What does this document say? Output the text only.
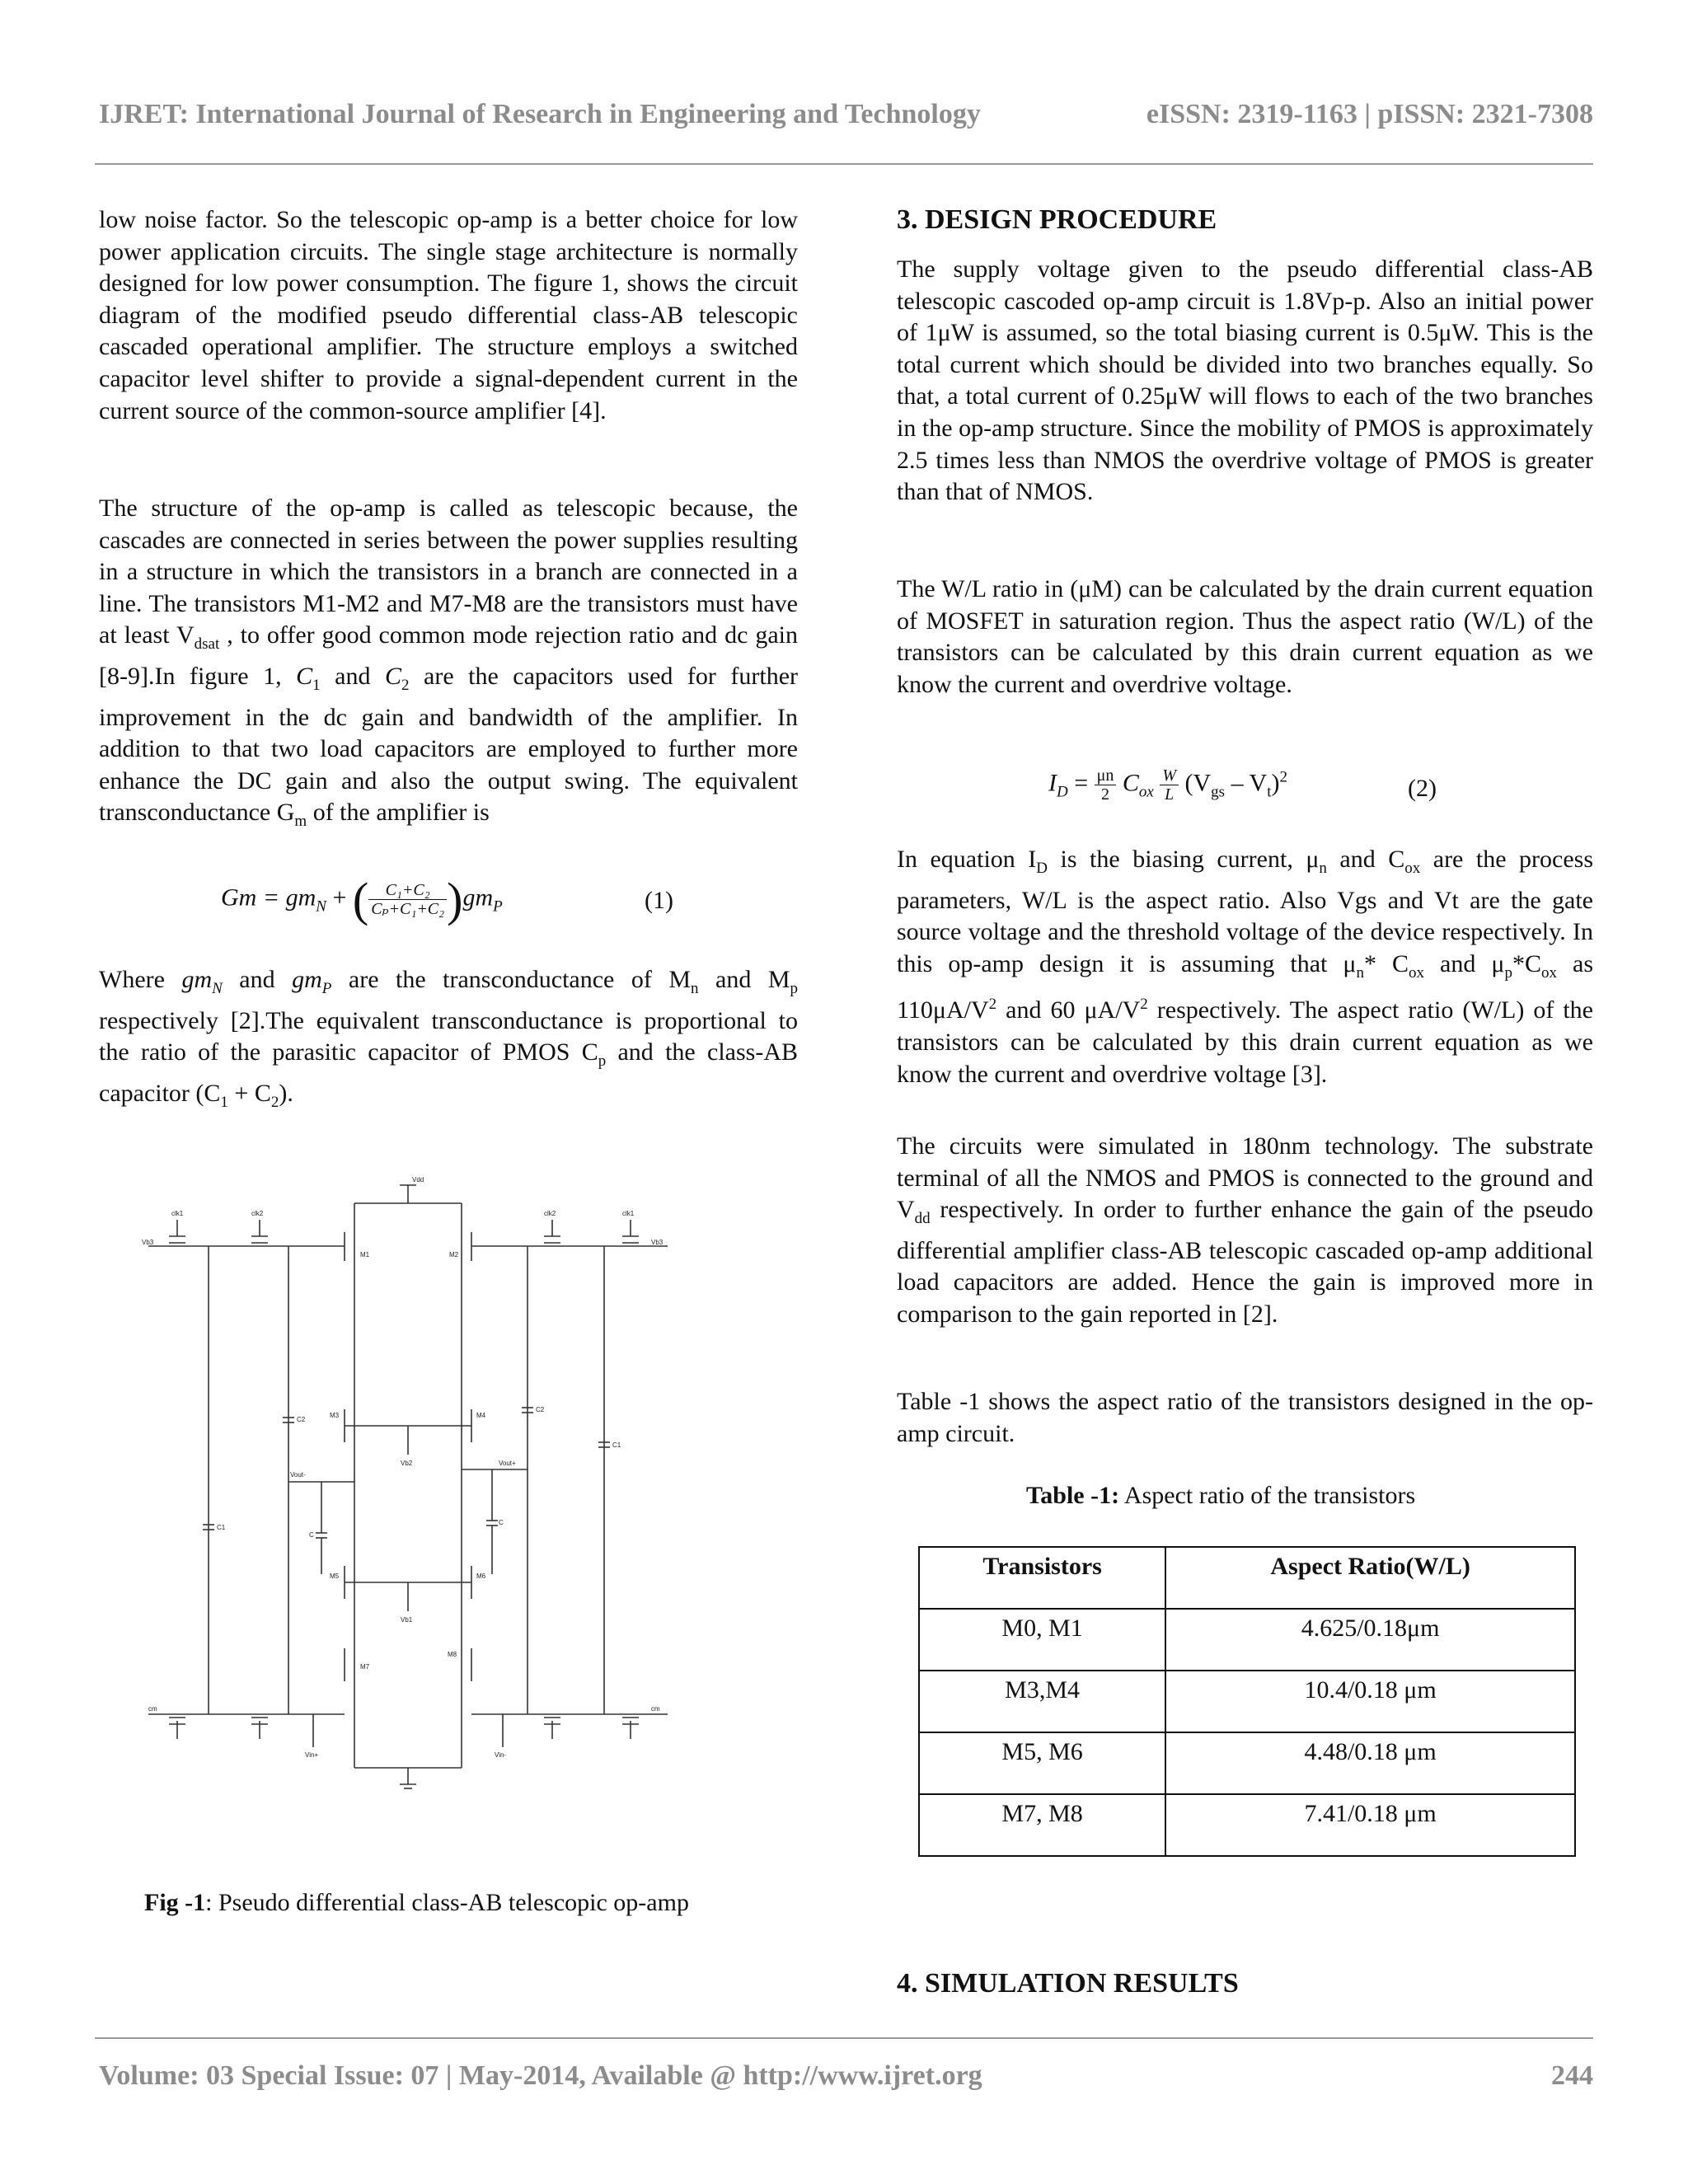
IJRET: International Journal of Research in Engineering and Technology	eISSN: 2319-1163 | pISSN: 2321-7308

low noise factor. So the telescopic op-amp is a better choice for low power application circuits. The single stage architecture is normally designed for low power consumption. The figure 1, shows the circuit diagram of the modified pseudo differential class-AB telescopic cascaded operational amplifier. The structure employs a switched capacitor level shifter to provide a signal-dependent current in the current source of the common-source amplifier [4].

The structure of the op-amp is called as telescopic because, the cascades are connected in series between the power supplies resulting in a structure in which the transistors in a branch are connected in a line. The transistors M1-M2 and M7-M8 are the transistors must have at least $V_{dsat}$ , to offer good common mode rejection ratio and dc gain [8-9].In figure 1, $C_1$ and $C_2$ are the capacitors used for further improvement in the dc gain and bandwidth of the amplifier. In addition to that two load capacitors are employed to further more enhance the DC gain and also the output swing. The equivalent transconductance $G_m$ of the amplifier is

$Gm = gm_N$ + ( $\frac{\text{C₁+C₂}}{\text{Cₚ+C₁+C₂}} )gm_P$	(1)

Where $gm_N$ and $gm_P$ are the transconductance of $M_n$ and $M_p$ respectively [2].The equivalent transconductance is proportional to the ratio of the parasitic capacitor of PMOS $C_p$ and the class-AB capacitor $(C_1 + C_2)$.

clk1	clk2	clk2	clk1
Vdd
M1	M2
M3	M4
M5	M6
M7
M8
C2
C2
C1
C1
Vout-
Vout+
Vb2
Vb1
C
C
Vin+	Vin-
cm	cm
Vb3	Vb3
Fig -1: Pseudo differential class-AB telescopic op-amp
3. DESIGN PROCEDURE

The supply voltage given to the pseudo differential class-AB telescopic cascoded op-amp circuit is 1.8Vp-p. Also an initial power of 1μW is assumed, so the total biasing current is 0.5μW. This is the total current which should be divided into two branches equally. So that, a total current of 0.25μW will flows to each of the two branches in the op-amp structure. Since the mobility of PMOS is approximately 2.5 times less than NMOS the overdrive voltage of PMOS is greater than that of NMOS.

The W/L ratio in (μM) can be calculated by the drain current equation of MOSFET in saturation region. Thus the aspect ratio (W/L) of the transistors can be calculated by this drain current equation as we know the current and overdrive voltage.

$I_D = \frac{\mu n}{2} C_{ox} \frac{W}{L} (V_{gs} - V_t)^2$	(2)

In equation $I_D$ is the biasing current, $\mu_n$ and $C_{ox}$ are the process parameters, W/L is the aspect ratio. Also Vgs and Vt are the gate source voltage and the threshold voltage of the device respectively. In this op-amp design it is assuming that $\mu_n*$ $C_{ox}$ and $\mu_p*C_{ox}$ as $110\mu A/V^2$ and 60 $\mu A/V^2$ respectively. The aspect ratio (W/L) of the transistors can be calculated by this drain current equation as we know the current and overdrive voltage [3].

The circuits were simulated in 180nm technology. The substrate terminal of all the NMOS and PMOS is connected to the ground and $V_{dd}$ respectively. In order to further enhance the gain of the pseudo differential amplifier class-AB telescopic cascaded op-amp additional load capacitors are added. Hence the gain is improved more in comparison to the gain reported in [2].

Table -1 shows the aspect ratio of the transistors designed in the op-amp circuit.

Table -1: Aspect ratio of the transistors
Transistors	Aspect Ratio(W/L)
M0, M1	4.625/0.18μm
M3,M4	10.4/0.18 μm
M5, M6	4.48/0.18 μm
M7, M8	7.41/0.18 μm
4. SIMULATION RESULTS
Volume: 03 Special Issue: 07 | May-2014, Available @ http://www.ijret.org	244
